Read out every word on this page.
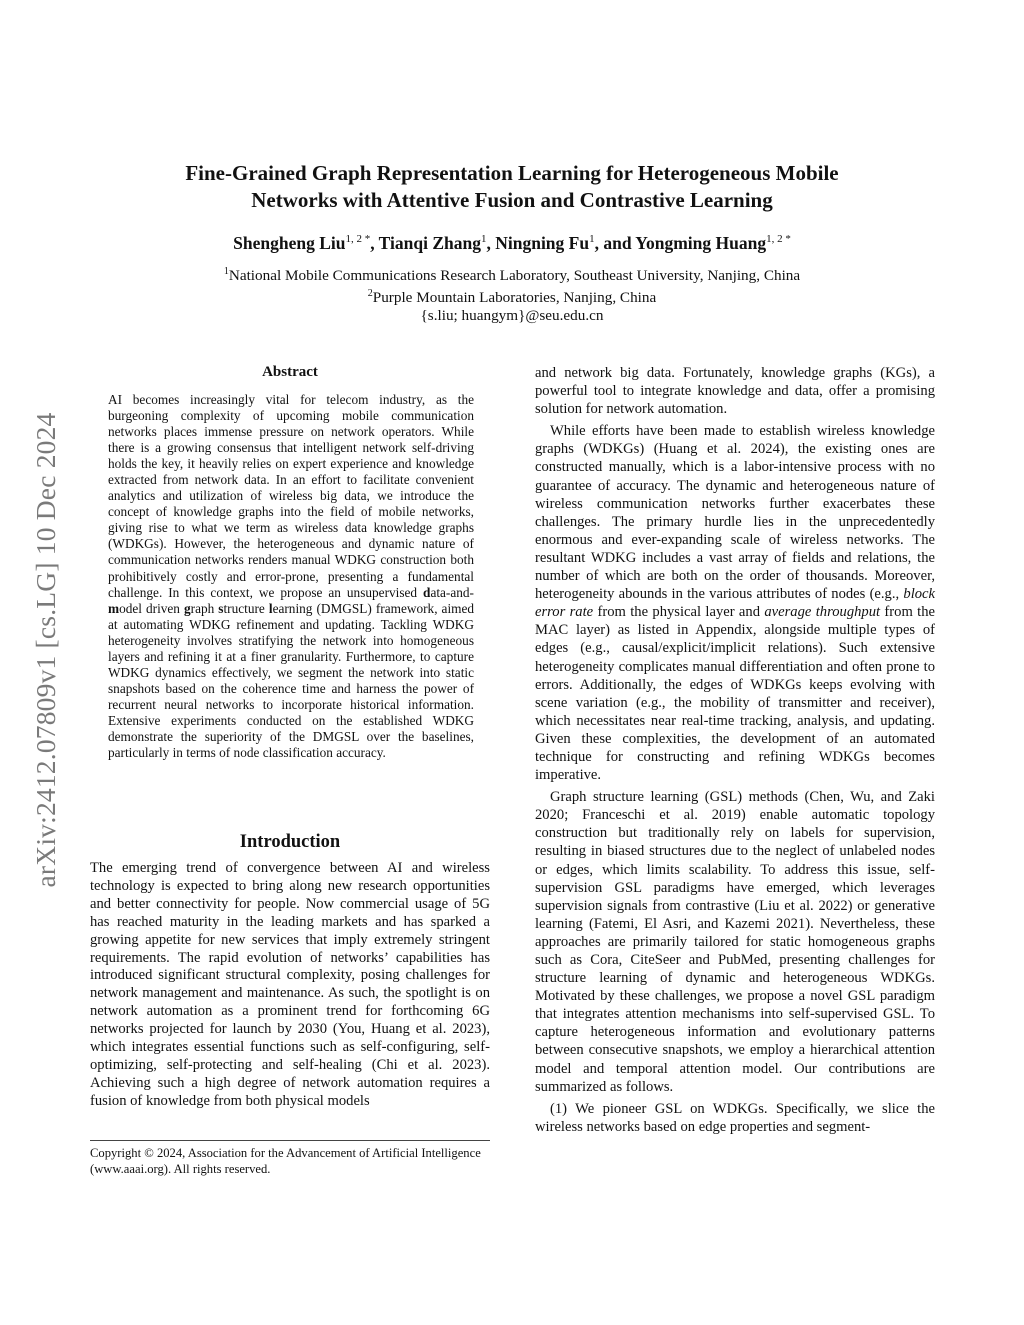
arXiv:2412.07809v1 [cs.LG] 10 Dec 2024
Fine-Grained Graph Representation Learning for Heterogeneous Mobile
Networks with Attentive Fusion and Contrastive Learning
Shengheng Liu$^{1, 2 *}$, Tianqi Zhang$^1$, Ningning Fu$^1$, and Yongming Huang$^{1, 2 *}$
$^1$National Mobile Communications Research Laboratory, Southeast University, Nanjing, China
$^2$Purple Mountain Laboratories, Nanjing, China
{s.liu; huangym}@seu.edu.cn
Abstract

AI becomes increasingly vital for telecom industry, as the burgeoning complexity of upcoming mobile communication networks places immense pressure on network operators. While there is a growing consensus that intelligent network self-driving holds the key, it heavily relies on expert experience and knowledge extracted from network data. In an effort to facilitate convenient analytics and utilization of wireless big data, we introduce the concept of knowledge graphs into the field of mobile networks, giving rise to what we term as wireless data knowledge graphs (WDKGs). However, the heterogeneous and dynamic nature of communication networks renders manual WDKG construction both prohibitively costly and error-prone, presenting a fundamental challenge. In this context, we propose an unsupervised data-and-model driven graph structure learning (DMGSL) framework, aimed at automating WDKG refinement and updating. Tackling WDKG heterogeneity involves stratifying the network into homogeneous layers and refining it at a finer granularity. Furthermore, to capture WDKG dynamics effectively, we segment the network into static snapshots based on the coherence time and harness the power of recurrent neural networks to incorporate historical information. Extensive experiments conducted on the established WDKG demonstrate the superiority of the DMGSL over the baselines, particularly in terms of node classification accuracy.

Introduction

The emerging trend of convergence between AI and wireless technology is expected to bring along new research opportunities and better connectivity for people. Now commercial usage of 5G has reached maturity in the leading markets and has sparked a growing appetite for new services that imply extremely stringent requirements. The rapid evolution of networks’ capabilities has introduced significant structural complexity, posing challenges for network management and maintenance. As such, the spotlight is on network automation as a prominent trend for forthcoming 6G networks projected for launch by 2030 (You, Huang et al. 2023), which integrates essential functions such as self-configuring, self-optimizing, self-protecting and self-healing (Chi et al. 2023). Achieving such a high degree of network automation requires a fusion of knowledge from both physical models

Copyright © 2024, Association for the Advancement of Artificial Intelligence (www.aaai.org). All rights reserved.

and network big data. Fortunately, knowledge graphs (KGs), a powerful tool to integrate knowledge and data, offer a promising solution for network automation.

While efforts have been made to establish wireless knowledge graphs (WDKGs) (Huang et al. 2024), the existing ones are constructed manually, which is a labor-intensive process with no guarantee of accuracy. The dynamic and heterogeneous nature of wireless communication networks further exacerbates these challenges. The primary hurdle lies in the unprecedentedly enormous and ever-expanding scale of wireless networks. The resultant WDKG includes a vast array of fields and relations, the number of which are both on the order of thousands. Moreover, heterogeneity abounds in the various attributes of nodes (e.g., block error rate from the physical layer and average throughput from the MAC layer) as listed in Appendix, alongside multiple types of edges (e.g., causal/explicit/implicit relations). Such extensive heterogeneity complicates manual differentiation and often prone to errors. Additionally, the edges of WDKGs keeps evolving with scene variation (e.g., the mobility of transmitter and receiver), which necessitates near real-time tracking, analysis, and updating. Given these complexities, the development of an automated technique for constructing and refining WDKGs becomes imperative.

Graph structure learning (GSL) methods (Chen, Wu, and Zaki 2020; Franceschi et al. 2019) enable automatic topology construction but traditionally rely on labels for supervision, resulting in biased structures due to the neglect of unlabeled nodes or edges, which limits scalability. To address this issue, self-supervision GSL paradigms have emerged, which leverages supervision signals from contrastive (Liu et al. 2022) or generative learning (Fatemi, El Asri, and Kazemi 2021). Nevertheless, these approaches are primarily tailored for static homogeneous graphs such as Cora, CiteSeer and PubMed, presenting challenges for structure learning of dynamic and heterogeneous WDKGs. Motivated by these challenges, we propose a novel GSL paradigm that integrates attention mechanisms into self-supervised GSL. To capture heterogeneous information and evolutionary patterns between consecutive snapshots, we employ a hierarchical attention model and temporal attention model. Our contributions are summarized as follows.

(1) We pioneer GSL on WDKGs. Specifically, we slice the wireless networks based on edge properties and segment-
